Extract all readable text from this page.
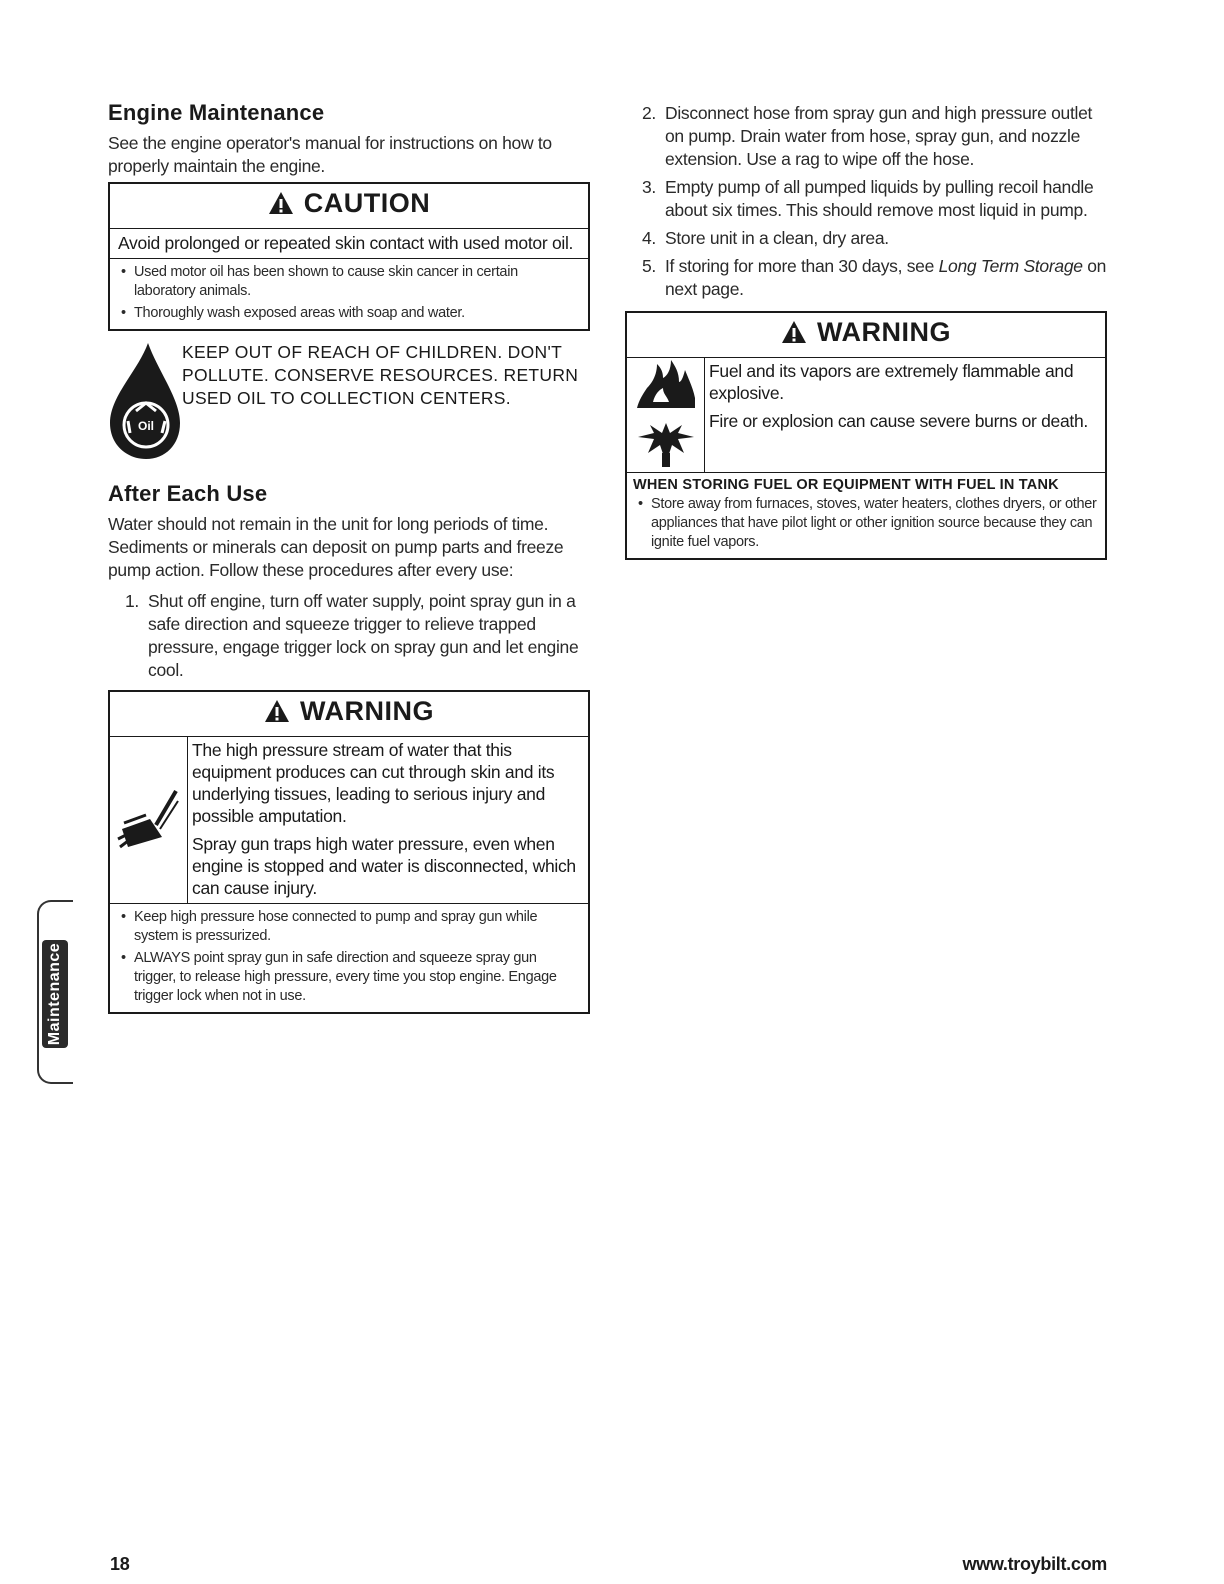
Engine Maintenance

See the engine operator's manual for instructions on how to properly maintain the engine.

CAUTION

Avoid prolonged or repeated skin contact with used motor oil.

• Used motor oil has been shown to cause skin cancer in certain laboratory animals.
• Thoroughly wash exposed areas with soap and water.
Oil

KEEP OUT OF REACH OF CHILDREN. DON'T POLLUTE. CONSERVE RESOURCES. RETURN USED OIL TO COLLECTION CENTERS.

After Each Use

Water should not remain in the unit for long periods of time. Sediments or minerals can deposit on pump parts and freeze pump action. Follow these procedures after every use:

1. Shut off engine, turn off water supply, point spray gun in a safe direction and squeeze trigger to relieve trapped pressure, engage trigger lock on spray gun and let engine cool.
WARNING

The high pressure stream of water that this equipment produces can cut through skin and its underlying tissues, leading to serious injury and possible amputation.

Spray gun traps high water pressure, even when engine is stopped and water is disconnected, which can cause injury.

• Keep high pressure hose connected to pump and spray gun while system is pressurized.
• ALWAYS point spray gun in safe direction and squeeze spray gun trigger, to release high pressure, every time you stop engine. Engage trigger lock when not in use.
2. Disconnect hose from spray gun and high pressure outlet on pump. Drain water from hose, spray gun, and nozzle extension. Use a rag to wipe off the hose.
3. Empty pump of all pumped liquids by pulling recoil handle about six times. This should remove most liquid in pump.
4. Store unit in a clean, dry area.
5. If storing for more than 30 days, see Long Term Storage on next page.
WARNING

Fuel and its vapors are extremely flammable and explosive.

Fire or explosion can cause severe burns or death.

WHEN STORING FUEL OR EQUIPMENT WITH FUEL IN TANK
• Store away from furnaces, stoves, water heaters, clothes dryers, or other appliances that have pilot light or other ignition source because they can ignite fuel vapors.
Maintenance
18	www.troybilt.com
